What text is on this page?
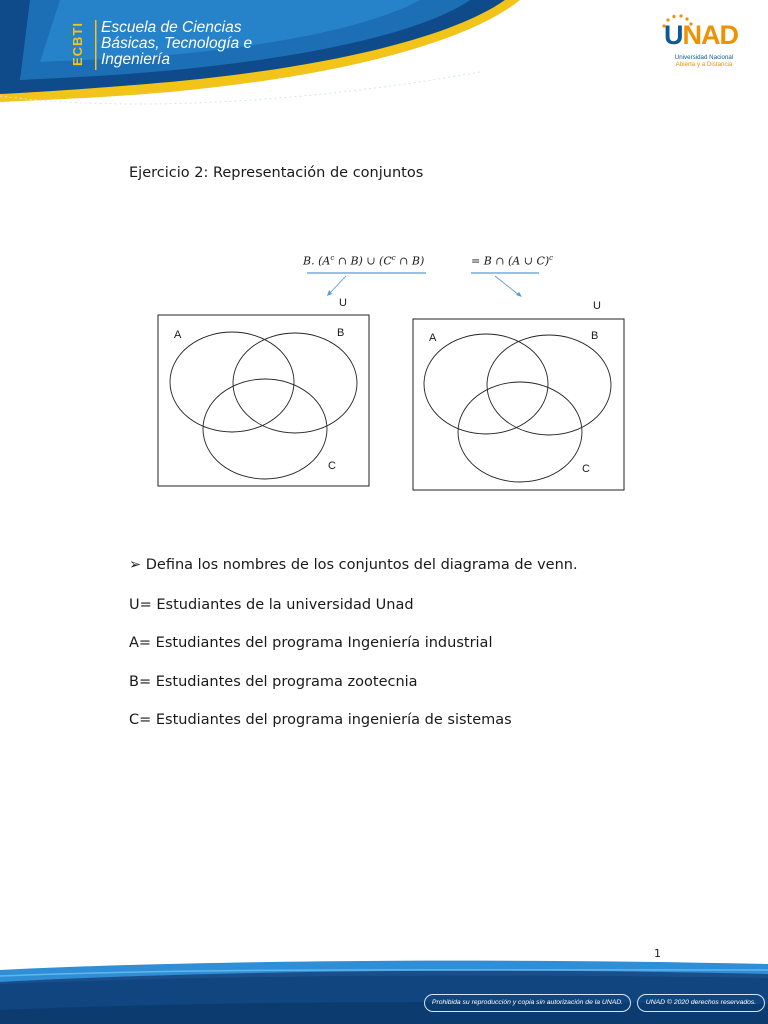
ECBTI	Escuela de Ciencias
Básicas, Tecnología e
Ingeniería
UNAD
Universidad Nacional
Abierta y a Distancia
Ejercicio 2: Representación de conjuntos
B. ($A^c$ ∩ B) ∪ ($C^c$ ∩ B)	= B ∩ (A ∪ C)$^c$
U	U
A	B
C
A	B
C
➢ Defina los nombres de los conjuntos del diagrama de venn.
U= Estudiantes de la universidad Unad
A= Estudiantes del programa Ingeniería industrial
B= Estudiantes del programa zootecnia
C= Estudiantes del programa ingeniería de sistemas
1
Prohibida su reproducción y copia sin autorización de la UNAD.	UNAD © 2020 derechos reservados.
